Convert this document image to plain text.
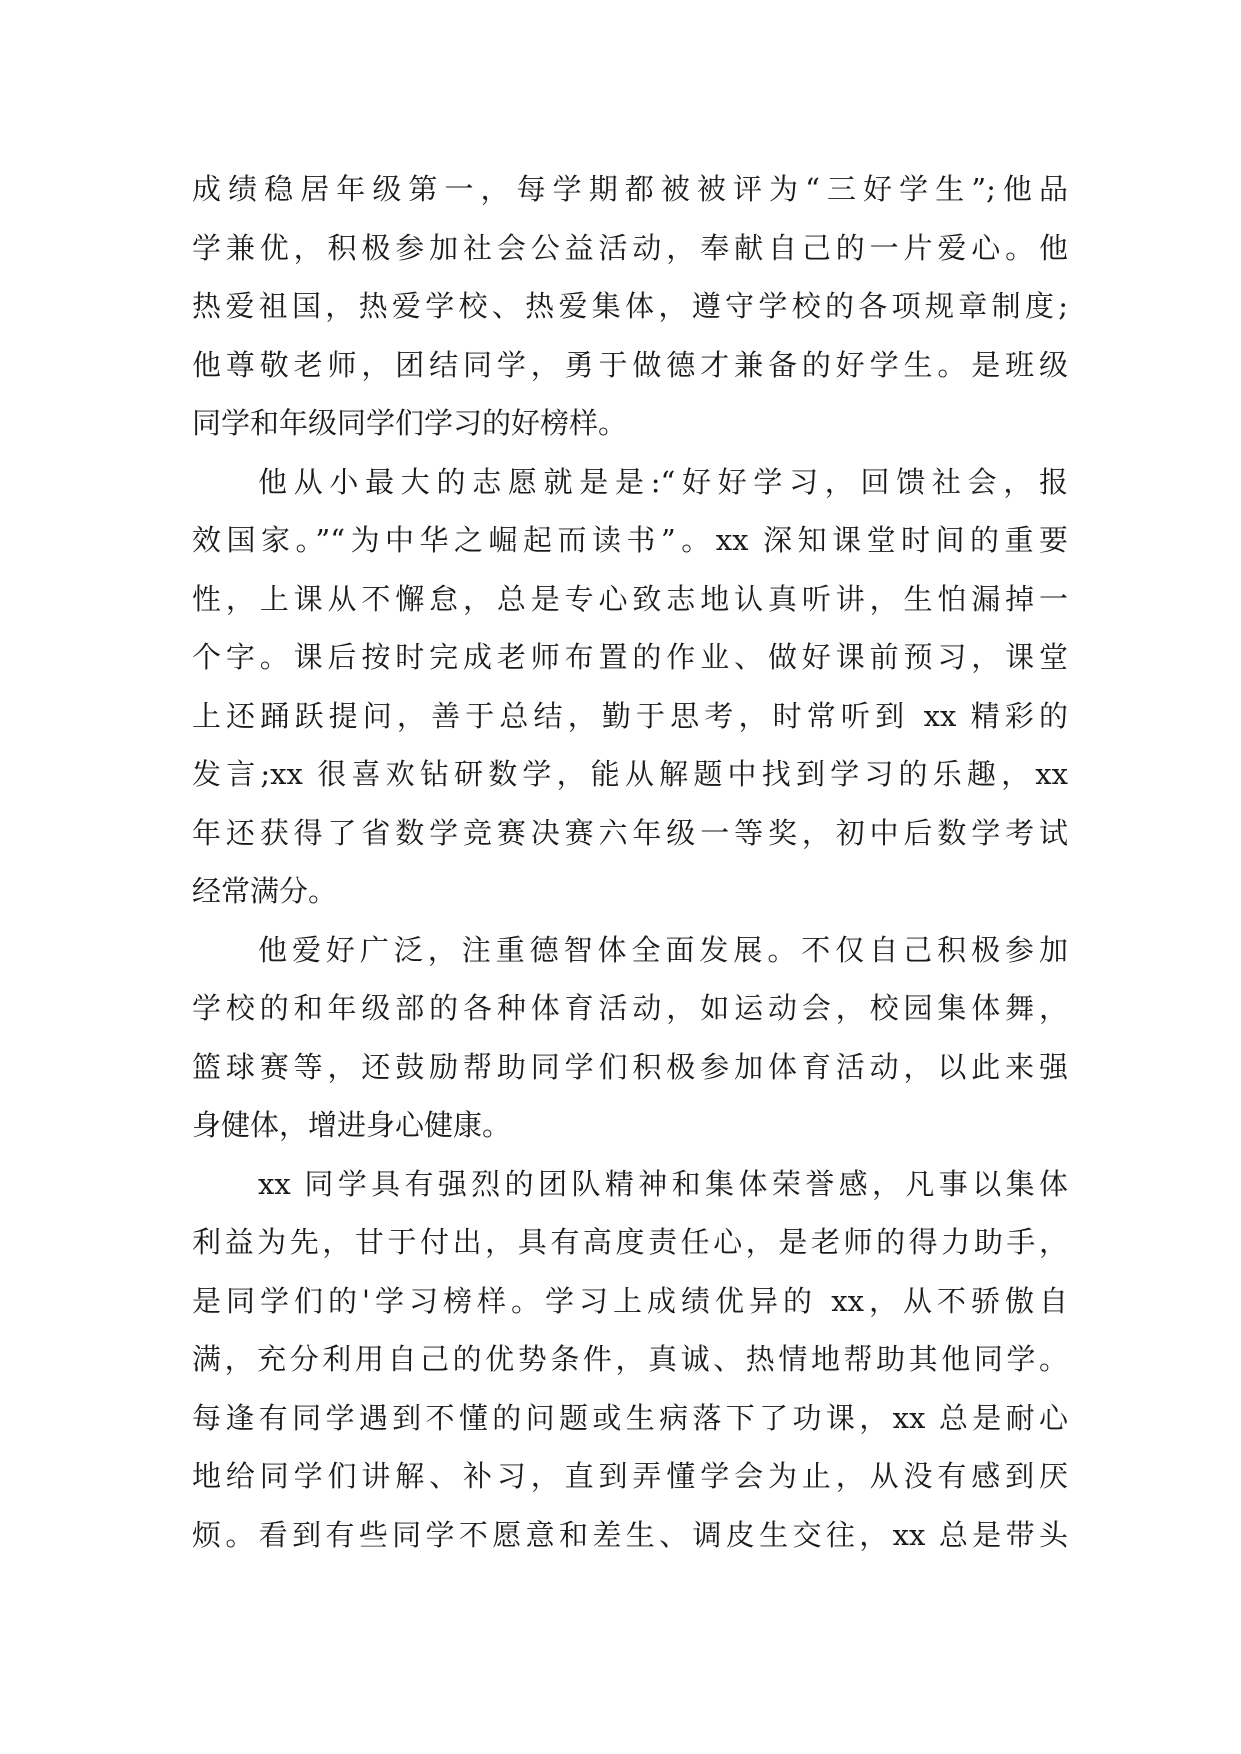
成绩稳居年级第一，每学期都被被评为“三好学生”;他品
学兼优，积极参加社会公益活动，奉献自己的一片爱心。他
热爱祖国，热爱学校、热爱集体，遵守学校的各项规章制度;
他尊敬老师，团结同学，勇于做德才兼备的好学生。是班级
同学和年级同学们学习的好榜样。
他从小最大的志愿就是是:“好好学习，回馈社会，报
效国家。”“为中华之崛起而读书”。xx 深知课堂时间的重要
性，上课从不懈怠，总是专心致志地认真听讲，生怕漏掉一
个字。课后按时完成老师布置的作业、做好课前预习，课堂
上还踊跃提问，善于总结，勤于思考，时常听到 xx 精彩的
发言;xx 很喜欢钻研数学，能从解题中找到学习的乐趣，xx
年还获得了省数学竞赛决赛六年级一等奖，初中后数学考试
经常满分。
他爱好广泛，注重德智体全面发展。不仅自己积极参加
学校的和年级部的各种体育活动，如运动会，校园集体舞，
篮球赛等，还鼓励帮助同学们积极参加体育活动，以此来强
身健体，增进身心健康。
xx 同学具有强烈的团队精神和集体荣誉感，凡事以集体
利益为先，甘于付出，具有高度责任心，是老师的得力助手，
是同学们的'学习榜样。学习上成绩优异的 xx，从不骄傲自
满，充分利用自己的优势条件，真诚、热情地帮助其他同学。
每逢有同学遇到不懂的问题或生病落下了功课，xx 总是耐心
地给同学们讲解、补习，直到弄懂学会为止，从没有感到厌
烦。看到有些同学不愿意和差生、调皮生交往，xx 总是带头
